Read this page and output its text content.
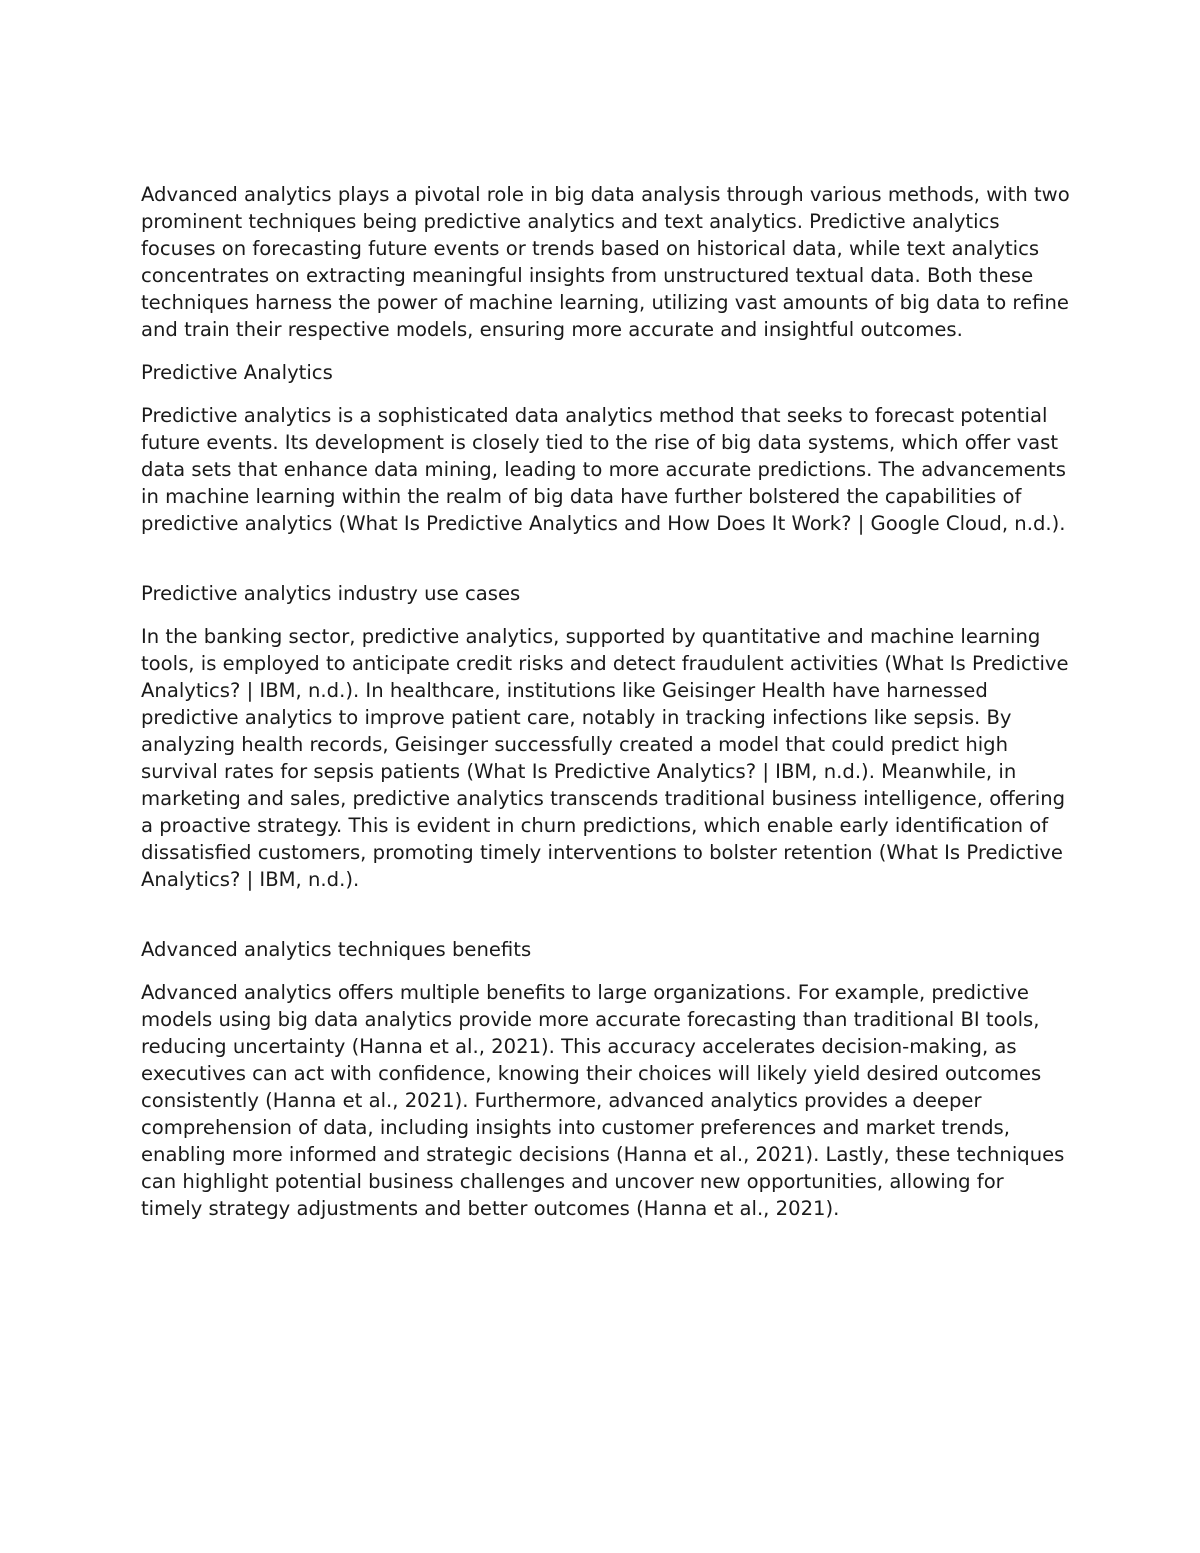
Advanced analytics plays a pivotal role in big data analysis through various methods, with two prominent techniques being predictive analytics and text analytics. Predictive analytics focuses on forecasting future events or trends based on historical data, while text analytics concentrates on extracting meaningful insights from unstructured textual data. Both these techniques harness the power of machine learning, utilizing vast amounts of big data to refine and train their respective models, ensuring more accurate and insightful outcomes.

Predictive Analytics

Predictive analytics is a sophisticated data analytics method that seeks to forecast potential future events. Its development is closely tied to the rise of big data systems, which offer vast data sets that enhance data mining, leading to more accurate predictions. The advancements in machine learning within the realm of big data have further bolstered the capabilities of predictive analytics (What Is Predictive Analytics and How Does It Work? | Google Cloud, n.d.).

Predictive analytics industry use cases

In the banking sector, predictive analytics, supported by quantitative and machine learning tools, is employed to anticipate credit risks and detect fraudulent activities (What Is Predictive Analytics? | IBM, n.d.). In healthcare, institutions like Geisinger Health have harnessed predictive analytics to improve patient care, notably in tracking infections like sepsis. By analyzing health records, Geisinger successfully created a model that could predict high survival rates for sepsis patients (What Is Predictive Analytics? | IBM, n.d.). Meanwhile, in marketing and sales, predictive analytics transcends traditional business intelligence, offering a proactive strategy. This is evident in churn predictions, which enable early identification of dissatisfied customers, promoting timely interventions to bolster retention (What Is Predictive Analytics? | IBM, n.d.).

Advanced analytics techniques benefits

Advanced analytics offers multiple benefits to large organizations. For example, predictive models using big data analytics provide more accurate forecasting than traditional BI tools, reducing uncertainty (Hanna et al., 2021). This accuracy accelerates decision-making, as executives can act with confidence, knowing their choices will likely yield desired outcomes consistently (Hanna et al., 2021). Furthermore, advanced analytics provides a deeper comprehension of data, including insights into customer preferences and market trends, enabling more informed and strategic decisions (Hanna et al., 2021). Lastly, these techniques can highlight potential business challenges and uncover new opportunities, allowing for timely strategy adjustments and better outcomes (Hanna et al., 2021).
